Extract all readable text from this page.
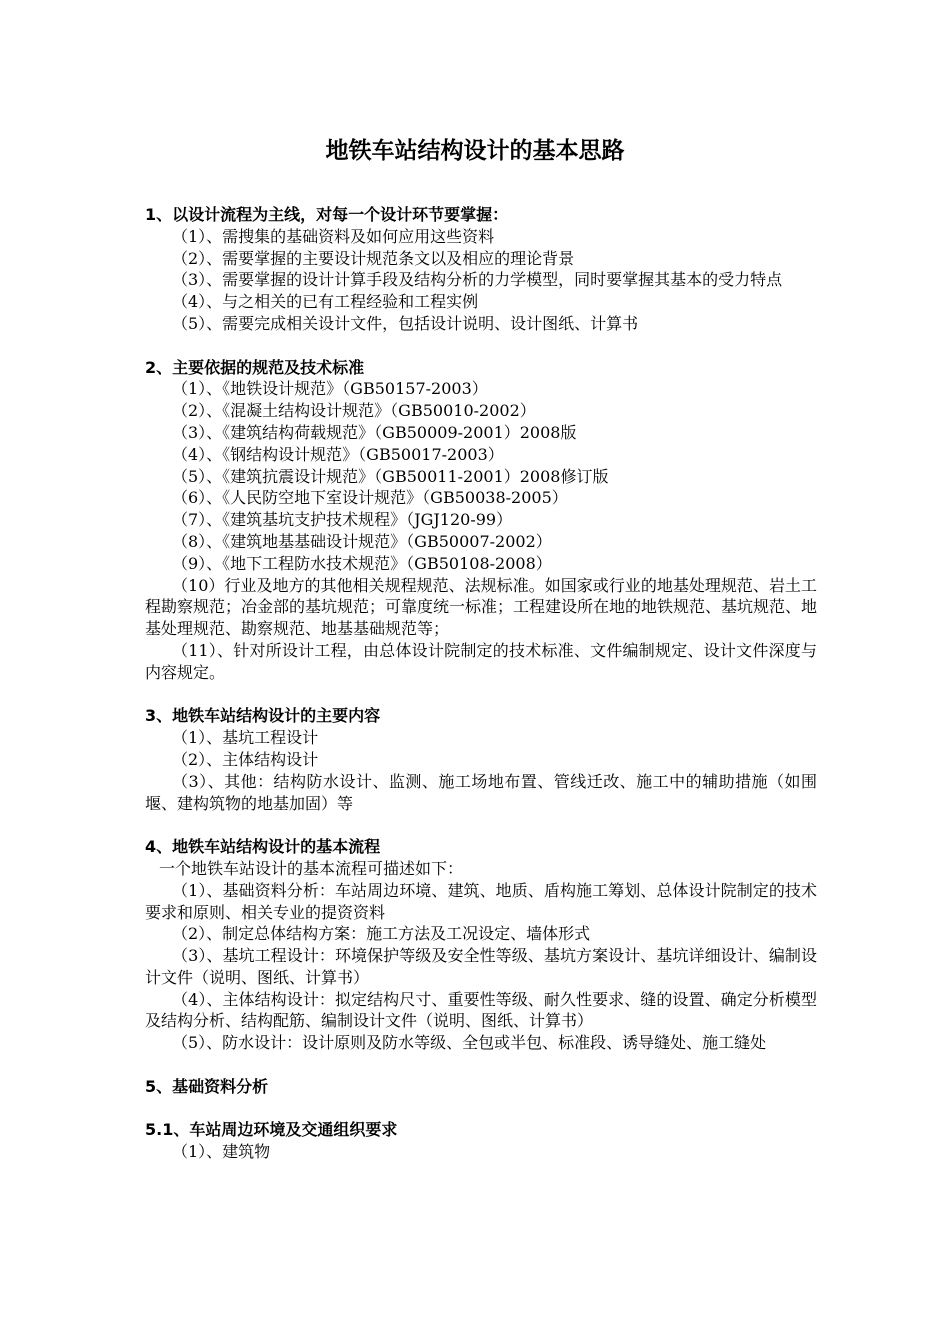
地铁车站结构设计的基本思路
1、以设计流程为主线，对每一个设计环节要掌握：
（1）、需搜集的基础资料及如何应用这些资料
（2）、需要掌握的主要设计规范条文以及相应的理论背景
（3）、需要掌握的设计计算手段及结构分析的力学模型，同时要掌握其基本的受力特点
（4）、与之相关的已有工程经验和工程实例
（5）、需要完成相关设计文件，包括设计说明、设计图纸、计算书
2、主要依据的规范及技术标准
（1）、《地铁设计规范》（GB50157-2003）
（2）、《混凝土结构设计规范》（GB50010-2002）
（3）、《建筑结构荷载规范》（GB50009-2001）2008版
（4）、《钢结构设计规范》（GB50017-2003）
（5）、《建筑抗震设计规范》（GB50011-2001）2008修订版
（6）、《人民防空地下室设计规范》（GB50038-2005）
（7）、《建筑基坑支护技术规程》（JGJ120-99）
（8）、《建筑地基基础设计规范》（GB50007-2002）
（9）、《地下工程防水技术规范》（GB50108-2008）
（10）行业及地方的其他相关规程规范、法规标准。如国家或行业的地基处理规范、岩土工程勘察规范；冶金部的基坑规范；可靠度统一标准；工程建设所在地的地铁规范、基坑规范、地基处理规范、勘察规范、地基基础规范等；
（11）、针对所设计工程，由总体设计院制定的技术标准、文件编制规定、设计文件深度与内容规定。
3、地铁车站结构设计的主要内容
（1）、基坑工程设计
（2）、主体结构设计
（3）、其他：结构防水设计、监测、施工场地布置、管线迁改、施工中的辅助措施（如围堰、建构筑物的地基加固）等
4、地铁车站结构设计的基本流程
一个地铁车站设计的基本流程可描述如下：
（1）、基础资料分析：车站周边环境、建筑、地质、盾构施工筹划、总体设计院制定的技术要求和原则、相关专业的提资资料
（2）、制定总体结构方案：施工方法及工况设定、墙体形式
（3）、基坑工程设计：环境保护等级及安全性等级、基坑方案设计、基坑详细设计、编制设计文件（说明、图纸、计算书）
（4）、主体结构设计：拟定结构尺寸、重要性等级、耐久性要求、缝的设置、确定分析模型及结构分析、结构配筋、编制设计文件（说明、图纸、计算书）
（5）、防水设计：设计原则及防水等级、全包或半包、标准段、诱导缝处、施工缝处
5、基础资料分析
5.1、车站周边环境及交通组织要求
（1）、建筑物
